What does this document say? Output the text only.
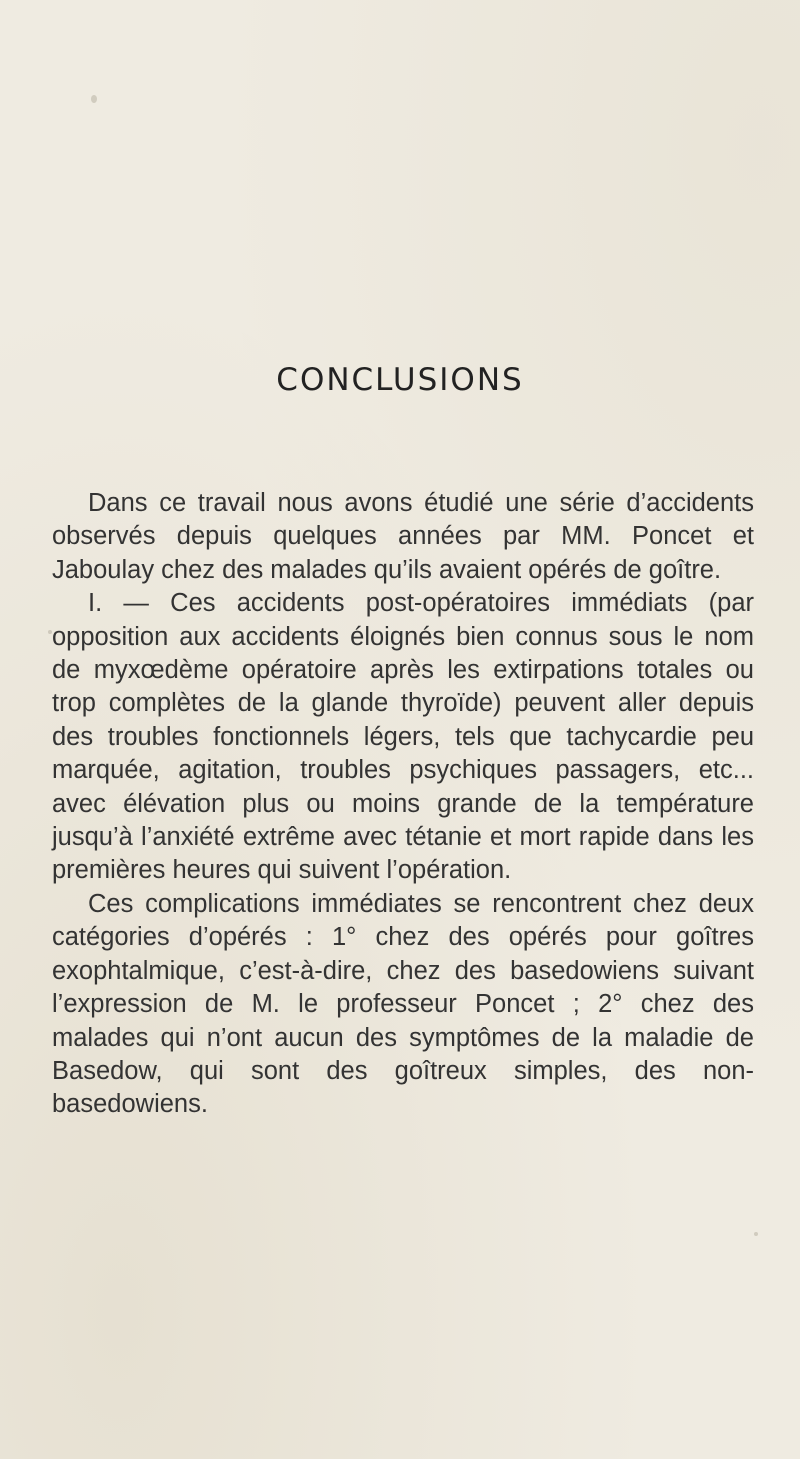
CONCLUSIONS

Dans ce travail nous avons étudié une série d’accidents observés depuis quelques années par MM. Poncet et Jaboulay chez des malades qu’ils avaient opérés de goître.

I. — Ces accidents post-opératoires immédiats (par opposition aux accidents éloignés bien connus sous le nom de myxœdème opératoire après les extirpations totales ou trop complètes de la glande thyroïde) peuvent aller depuis des troubles fonctionnels légers, tels que tachycardie peu marquée, agitation, troubles psychiques passagers, etc... avec élévation plus ou moins grande de la température jusqu’à l’anxiété extrême avec tétanie et mort rapide dans les premières heures qui suivent l’opération.

Ces complications immédiates se rencontrent chez deux catégories d’opérés : 1° chez des opérés pour goîtres exophtalmique, c’est-à-dire, chez des basedowiens suivant l’expression de M. le professeur Poncet ; 2° chez des malades qui n’ont aucun des symptômes de la maladie de Basedow, qui sont des goîtreux simples, des non-basedowiens.
